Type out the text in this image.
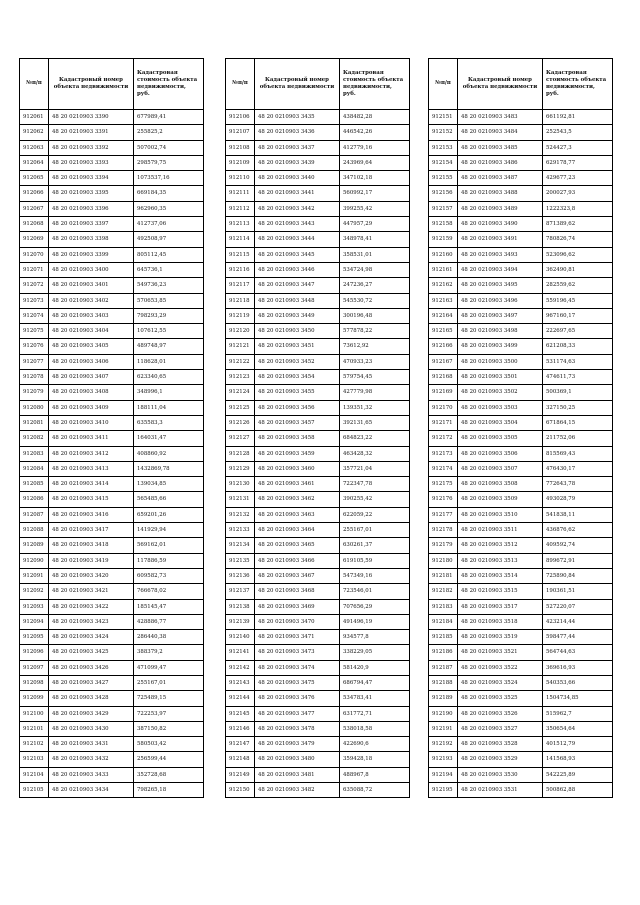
№п/п	Кадастровый номер объекта недвижимости	Кадастровая стоимость объекта недвижимости, руб.
912061	48 20 0210903 3390	677989,41
912062	48 20 0210903 3391	255825,2
912063	48 20 0210903 3392	507002,74
912064	48 20 0210903 3393	298579,75
912065	48 20 0210903 3394	1073537,16
912066	48 20 0210903 3395	669184,35
912067	48 20 0210903 3396	962960,35
912068	48 20 0210903 3397	412737,06
912069	48 20 0210903 3398	492508,97
912070	48 20 0210903 3399	805112,45
912071	48 20 0210903 3400	645736,1
912072	48 20 0210903 3401	549736,23
912073	48 20 0210903 3402	570653,85
912074	48 20 0210903 3403	798293,29
912075	48 20 0210903 3404	107612,55
912076	48 20 0210903 3405	489748,97
912077	48 20 0210903 3406	118628,01
912078	48 20 0210903 3407	623340,65
912079	48 20 0210903 3408	348996,1
912080	48 20 0210903 3409	188111,04
912081	48 20 0210903 3410	635583,3
912082	48 20 0210903 3411	164031,47
912083	48 20 0210903 3412	408860,92
912084	48 20 0210903 3413	1432869,78
912085	48 20 0210903 3414	139034,85
912086	48 20 0210903 3415	565485,66
912087	48 20 0210903 3416	659201,26
912088	48 20 0210903 3417	141929,94
912089	48 20 0210903 3418	569162,01
912090	48 20 0210903 3419	117886,59
912091	48 20 0210903 3420	609582,73
912092	48 20 0210903 3421	766678,02
912093	48 20 0210903 3422	185145,47
912094	48 20 0210903 3423	428886,77
912095	48 20 0210903 3424	286440,38
912096	48 20 0210903 3425	388379,2
912097	48 20 0210903 3426	471099,47
912098	48 20 0210903 3427	255167,01
912099	48 20 0210903 3428	725489,15
912100	48 20 0210903 3429	722253,97
912101	48 20 0210903 3430	387150,82
912102	48 20 0210903 3431	580503,42
912103	48 20 0210903 3432	256599,44
912104	48 20 0210903 3433	352728,68
912105	48 20 0210903 3434	798265,18
№п/п	Кадастровый номер объекта недвижимости	Кадастровая стоимость объекта недвижимости, руб.
912106	48 20 0210903 3435	438482,28
912107	48 20 0210903 3436	446542,26
912108	48 20 0210903 3437	412779,16
912109	48 20 0210903 3439	243969,64
912110	48 20 0210903 3440	347102,18
912111	48 20 0210903 3441	560992,17
912112	48 20 0210903 3442	399255,42
912113	48 20 0210903 3443	447957,29
912114	48 20 0210903 3444	348978,41
912115	48 20 0210903 3445	358531,01
912116	48 20 0210903 3446	534724,98
912117	48 20 0210903 3447	247236,27
912118	48 20 0210903 3448	545530,72
912119	48 20 0210903 3449	300196,48
912120	48 20 0210903 3450	577878,22
912121	48 20 0210903 3451	73612,92
912122	48 20 0210903 3452	470933,23
912123	48 20 0210903 3454	579754,45
912124	48 20 0210903 3455	427779,98
912125	48 20 0210903 3456	139351,32
912126	48 20 0210903 3457	392131,65
912127	48 20 0210903 3458	684823,22
912128	48 20 0210903 3459	463428,32
912129	48 20 0210903 3460	357721,04
912130	48 20 0210903 3461	722347,78
912131	48 20 0210903 3462	390255,42
912132	48 20 0210903 3463	622059,22
912133	48 20 0210903 3464	255167,01
912134	48 20 0210903 3465	630261,37
912135	48 20 0210903 3466	619105,59
912136	48 20 0210903 3467	547349,16
912137	48 20 0210903 3468	723546,01
912138	48 20 0210903 3469	707656,29
912139	48 20 0210903 3470	491496,19
912140	48 20 0210903 3471	934577,8
912141	48 20 0210903 3473	338229,05
912142	48 20 0210903 3474	581420,9
912143	48 20 0210903 3475	686794,47
912144	48 20 0210903 3476	534783,41
912145	48 20 0210903 3477	631772,71
912146	48 20 0210903 3478	538018,58
912147	48 20 0210903 3479	422690,6
912148	48 20 0210903 3480	359428,18
912149	48 20 0210903 3481	488967,8
912150	48 20 0210903 3482	635088,72
№п/п	Кадастровый номер объекта недвижимости	Кадастровая стоимость объекта недвижимости, руб.
912151	48 20 0210903 3483	661192,81
912152	48 20 0210903 3484	252543,5
912153	48 20 0210903 3485	524427,3
912154	48 20 0210903 3486	629178,77
912155	48 20 0210903 3487	429677,23
912156	48 20 0210903 3488	200027,93
912157	48 20 0210903 3489	1222323,8
912158	48 20 0210903 3490	871389,62
912159	48 20 0210903 3491	780826,74
912160	48 20 0210903 3493	523096,62
912161	48 20 0210903 3494	362490,81
912162	48 20 0210903 3495	282559,62
912163	48 20 0210903 3496	559196,45
912164	48 20 0210903 3497	967160,17
912165	48 20 0210903 3498	222697,65
912166	48 20 0210903 3499	621208,33
912167	48 20 0210903 3500	531174,63
912168	48 20 0210903 3501	474611,73
912169	48 20 0210903 3502	500369,1
912170	48 20 0210903 3503	327150,25
912171	48 20 0210903 3504	671864,15
912172	48 20 0210903 3505	211752,06
912173	48 20 0210903 3506	815569,43
912174	48 20 0210903 3507	476430,17
912175	48 20 0210903 3508	772643,78
912176	48 20 0210903 3509	493028,79
912177	48 20 0210903 3510	541838,11
912178	48 20 0210903 3511	436876,62
912179	48 20 0210903 3512	409592,74
912180	48 20 0210903 3513	899672,91
912181	48 20 0210903 3514	725890,84
912182	48 20 0210903 3515	190361,51
912183	48 20 0210903 3517	527220,07
912184	48 20 0210903 3518	423214,44
912185	48 20 0210903 3519	598477,44
912186	48 20 0210903 3521	564744,63
912187	48 20 0210903 3522	369616,93
912188	48 20 0210903 3524	540353,66
912189	48 20 0210903 3525	1504734,85
912190	48 20 0210903 3526	515962,7
912191	48 20 0210903 3527	350654,64
912192	48 20 0210903 3528	401512,79
912193	48 20 0210903 3529	141568,93
912194	48 20 0210903 3530	542225,89
912195	48 20 0210903 3531	500862,88
